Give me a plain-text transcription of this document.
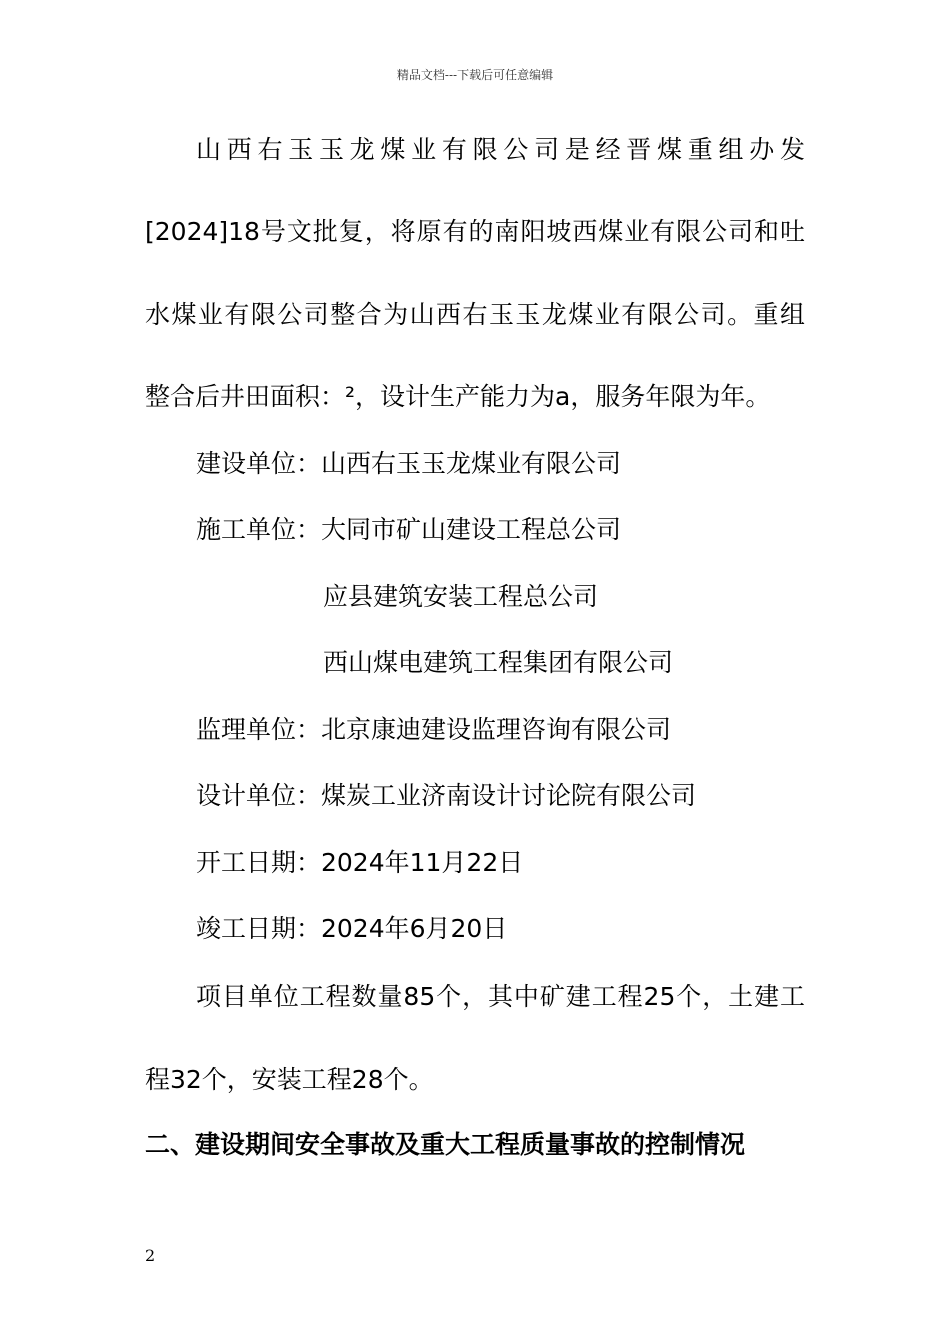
精品文档---下载后可任意编辑
山西右玉玉龙煤业有限公司是经晋煤重组办发
[2024]18号文批复，将原有的南阳坡西煤业有限公司和吐
水煤业有限公司整合为山西右玉玉龙煤业有限公司。重组
整合后井田面积：²，设计生产能力为a，服务年限为年。
建设单位：山西右玉玉龙煤业有限公司
施工单位：大同市矿山建设工程总公司
应县建筑安装工程总公司
西山煤电建筑工程集团有限公司
监理单位：北京康迪建设监理咨询有限公司
设计单位：煤炭工业济南设计讨论院有限公司
开工日期：2024年11月22日
竣工日期：2024年6月20日
项目单位工程数量85个，其中矿建工程25个，土建工
程32个，安装工程28个。
二、建设期间安全事故及重大工程质量事故的控制情况
2
